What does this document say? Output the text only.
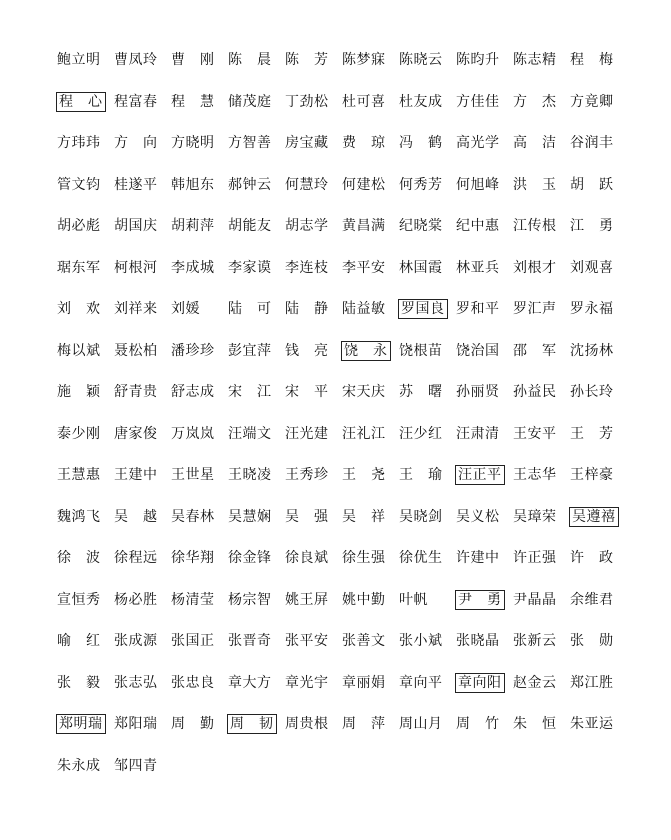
鲍立明 曹凤玲 曹　刚 陈　晨 陈　芳 陈梦寐 陈晓云 陈昀升 陈志精 程　梅
程　心 程富春 程　慧 储茂庭 丁劲松 杜可喜 杜友成 方佳佳 方　杰 方竟卿
方玮玮 方　向 方晓明 方智善 房宝藏 费　琼 冯　鹤 高光学 高　洁 谷润丰
管文钧 桂遂平 韩旭东 郝钟云 何慧玲 何建松 何秀芳 何旭峰 洪　玉 胡　跃
胡必彪 胡国庆 胡莉萍 胡能友 胡志学 黄昌满 纪晓棠 纪中惠 江传根 江　勇
琚东军 柯根河 李成城 李家谟 李连枝 李平安 林国霞 林亚兵 刘根才 刘观喜
刘　欢 刘祥来 刘媛	陆　可 陆　静 陆益敏	罗国良 罗和平 罗汇声 罗永福
梅以斌 聂松柏 潘珍珍 彭宜萍 钱　亮	饶　永 饶根苗 饶治国 邵　军 沈扬林
施　颖 舒青贵 舒志成 宋　江 宋　平 宋天庆 苏　曙 孙丽贤 孙益民 孙长玲
泰少刚 唐家俊 万岚岚 汪端文 汪光建 汪礼江 汪少红 汪肃清 王安平 王　芳
王慧惠 王建中 王世星 王晓凌 王秀珍 王　尧 王　瑜	汪正平 王志华 王梓豪
魏鸿飞 吴　越 吴春林 吴慧娴 吴　强 吴　祥 吴晓剑 吴义松 吴璋荣	吴遵禧
徐　波 徐程远 徐华翔 徐金锋 徐良斌 徐生强 徐优生 许建中 许正强 许　政
宣恒秀 杨必胜 杨清莹 杨宗智 姚王屏 姚中勤 叶帆	尹　勇 尹晶晶 余维君
喻　红 张成源 张国正 张晋奇 张平安 张善文 张小斌 张晓晶 张新云 张　勋
张　毅 张志弘 张忠良 章大方 章光宇 章丽娟 章向平	章向阳 赵金云 郑江胜
郑明瑞 郑阳瑞 周　勤	周　韧 周贵根 周　萍 周山月 周　竹 朱　恒 朱亚运
朱永成 邹四青
